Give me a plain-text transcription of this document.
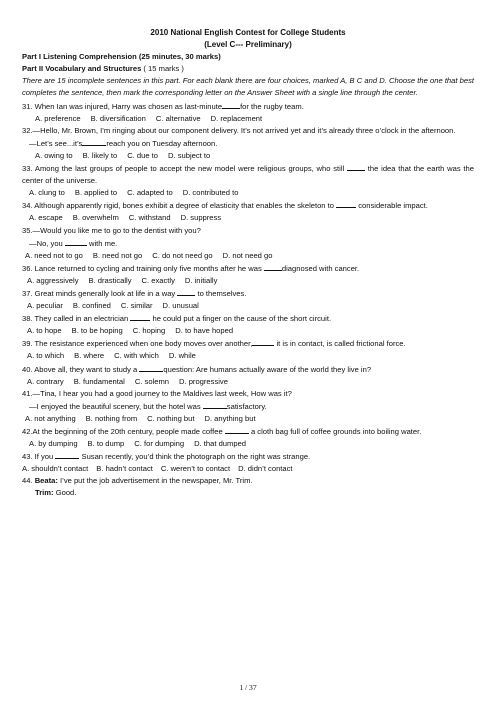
2010 National English Contest for College Students
(Level C--- Preliminary)
Part I Listening Comprehension (25 minutes, 30 marks)
Part II Vocabulary and Structures ( 15 marks )
There are 15 incomplete sentences in this part. For each blank there are four choices, marked A, B C and D. Choose the one that best completes the sentence, then mark the corresponding letter on the Answer Sheet with a single line through the center.
31. When Ian was injured, Harry was chosen as last-minute for the rugby team.
A. preference B. diversification C. alternative D. replacement
32.—Hello, Mr. Brown, I’m ringing about our component delivery. It’s not arrived yet and it’s already three o’clock in the afternoon.
—Let’s see...it’s	reach you on Tuesday afternoon.
A. owing to B. likely to C. due to D. subject to
33. Among the last groups of people to accept the new model were religious groups, who still	the idea that the earth was the center of the universe.
A. clung to B. applied to C. adapted to D. contributed to
34. Although apparently rigid, bones exhibit a degree of elasticity that enables the skeleton to	considerable impact.
A. escape B. overwhelm C. withstand D. suppress
35.—Would you like me to go to the dentist with you?
—No, you	with me.
A. need not to go B. need not go C. do not need go D. not need go
36. Lance returned to cycling and training only five months after he was	diagnosed with cancer.
A. aggressively B. drastically C. exactly D. initially
37. Great minds generally look at life in a way	to themselves.
A. peculiar B. confined C. similar D. unusual
38. They called in an electrician	he could put a finger on the cause of the short circuit.
A. to hope B. to be hoping C. hoping D. to have hoped
39. The resistance experienced when one body moves over another,	it is in contact, is called frictional force.
A. to which B. where C. with which D. while
40. Above all, they want to study a	question: Are humans actually aware of the world they live in?
A. contrary B. fundamental C. solemn D. progressive
41.—Tina, I hear you had a good journey to the Maldives last week, How was it?
—I enjoyed the beautiful scenery, but the hotel was	satisfactory.
A. not anything B. nothing from C. nothing but D. anything but
42.At the beginning of the 20th century, people made coffee	a cloth bag full of coffee grounds into boiling water.
A. by dumping B. to dump C. for dumping D. that dumped
43. If you	Susan recently, you’d think the photograph on the right was strange.
A. shouldn’t contact B. hadn’t contact C. weren’t to contact D. didn’t contact
44. Beata: I’ve put the job advertisement in the newspaper, Mr. Trim.
Trim: Good.
1 / 37
